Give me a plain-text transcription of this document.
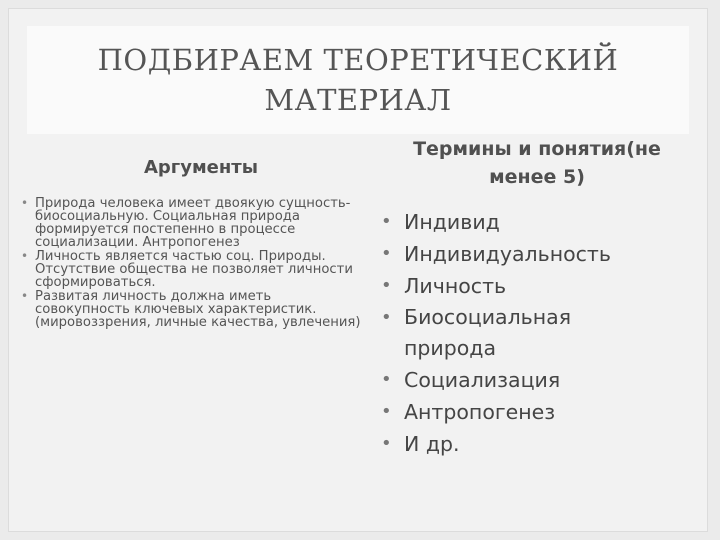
ПОДБИРАЕМ ТЕОРЕТИЧЕСКИЙ
МАТЕРИАЛ
Аргументы
Термины и понятия(не
менее 5)
• Природа человека имеет двоякую сущность-биосоциальную. Социальная природа формируется постепенно в процессе социализации. Антропогенез
• Личность является частью соц. Природы. Отсутствие общества не позволяет личности сформироваться.
• Развитая личность должна иметь совокупность ключевых характеристик.(мировоззрения, личные качества, увлечения)
• Индивид
• Индивидуальность
• Личность
• Биосоциальная природа
• Социализация
• Антропогенез
• И др.
